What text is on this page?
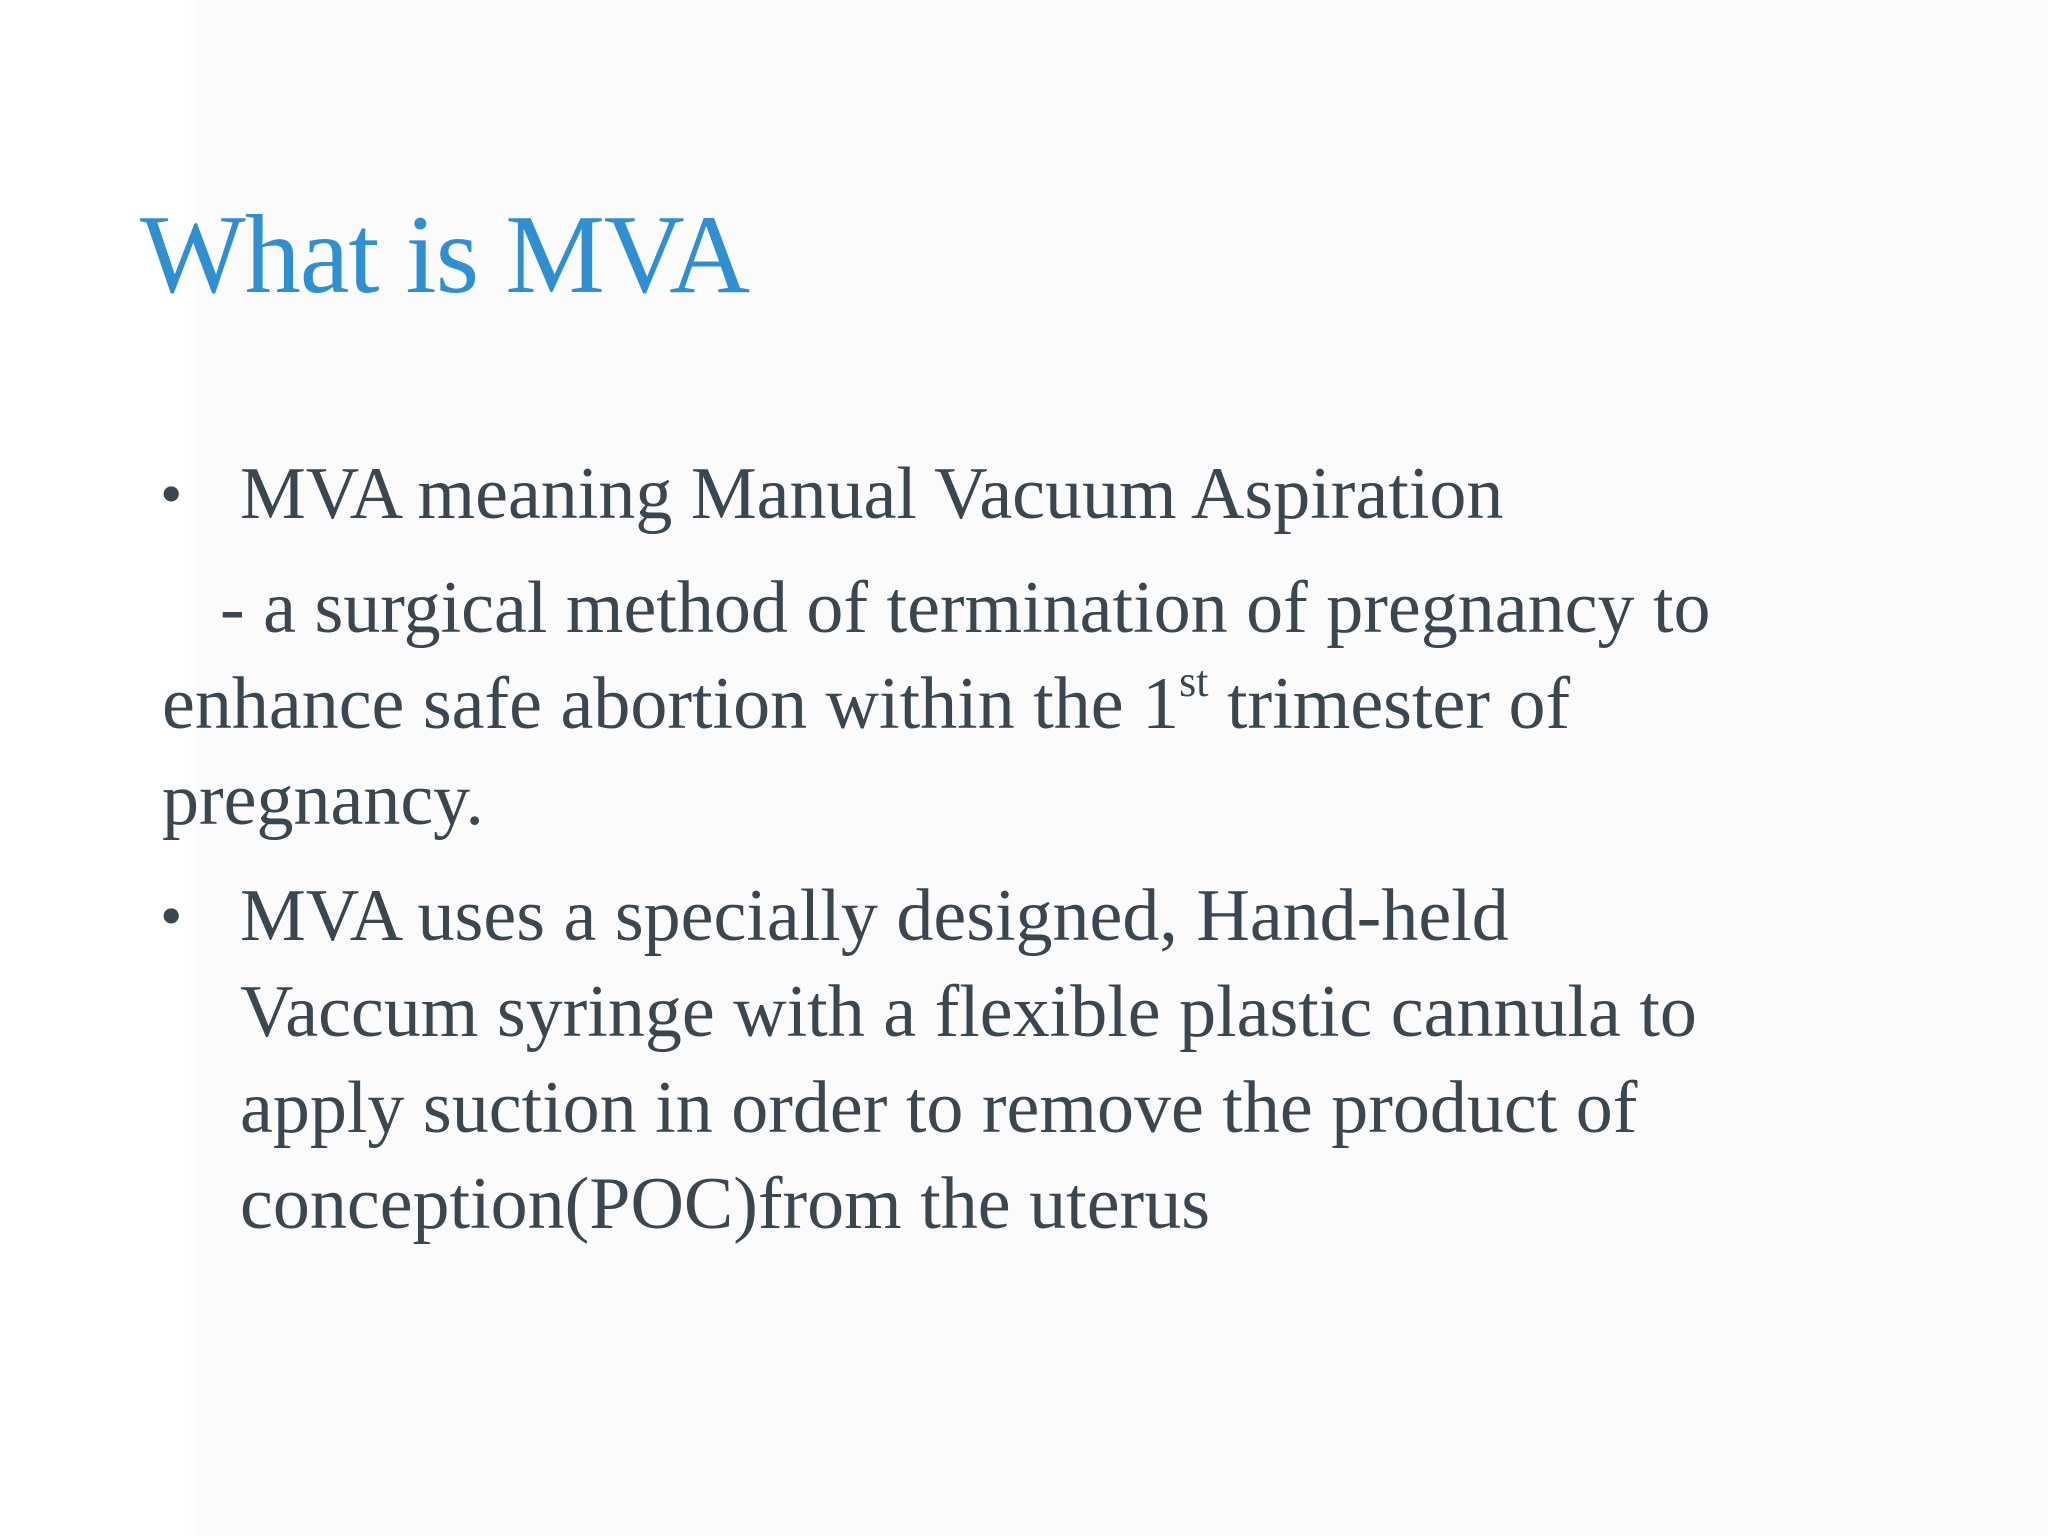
What is MVA
• MVA meaning Manual Vacuum Aspiration
- a surgical method of termination of pregnancy to
enhance safe abortion within the 1st trimester of
pregnancy.
• MVA uses a specially designed, Hand-held
Vaccum syringe with a flexible plastic cannula to
apply suction in order to remove the product of
conception(POC)from the uterus
